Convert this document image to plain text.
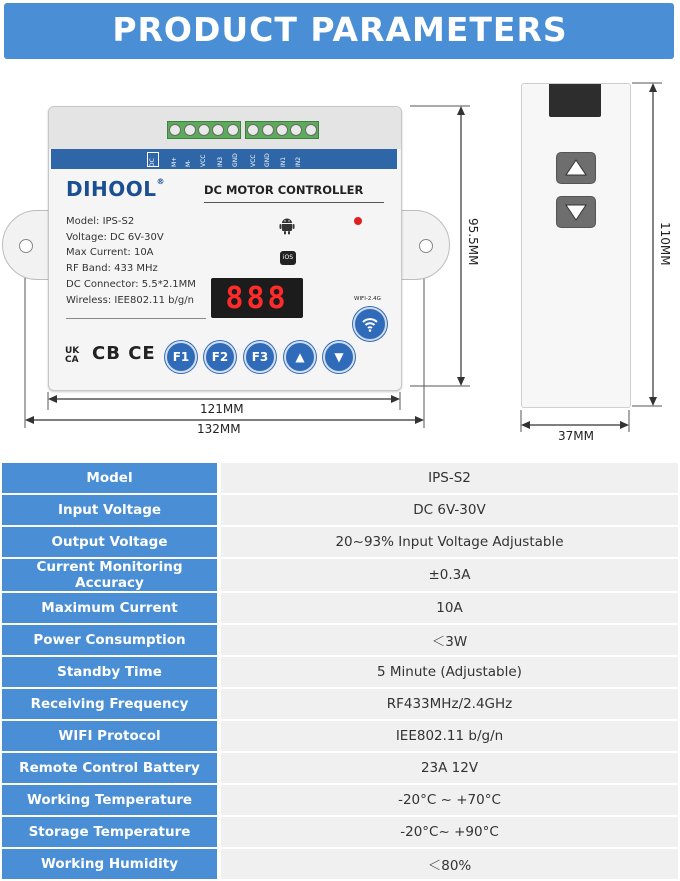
PRODUCT PARAMETERS
DC	M+ M- VCC IN3 GND VCC GND IN1 IN2
DIHOOL®
DC MOTOR CONTROLLER
Model: IPS-S2
Voltage: DC 6V-30V
Max Current: 10A
RF Band: 433 MHz
DC Connector: 5.5*2.1MM
Wireless: IEE802.11 b/g/n
iOS
888	WIFI-2.4G
UK
CA CB CE	F1	F2	F3	▲	▼
95.5MM
121MM
132MM
110MM
37MM
Model	IPS-S2
Input Voltage	DC 6V-30V
Output Voltage	20~93% Input Voltage Adjustable
Current Monitoring Accuracy	±0.3A
Maximum Current	10A
Power Consumption	＜3W
Standby Time	5 Minute (Adjustable)
Receiving Frequency	RF433MHz/2.4GHz
WIFI Protocol	IEE802.11 b/g/n
Remote Control Battery	23A 12V
Working Temperature	-20°C ~ +70°C
Storage Temperature	-20°C~ +90°C
Working Humidity	＜80%
